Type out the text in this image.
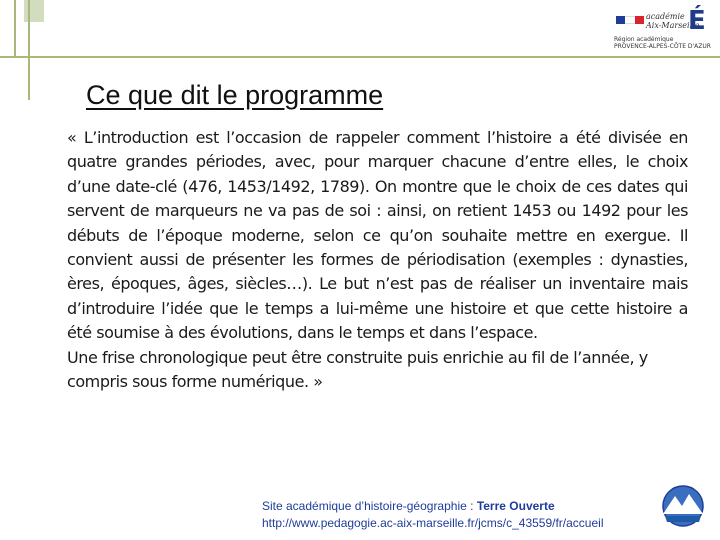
académie
Aix-Marseille
É
Région académique
PROVENCE-ALPES-CÔTE D'AZUR
Ce que dit le programme

« L’introduction est l’occasion de rappeler comment l’histoire a été divisée en quatre grandes périodes, avec, pour marquer chacune d’entre elles, le choix d’une date-clé (476, 1453/1492, 1789). On montre que le choix de ces dates qui servent de marqueurs ne va pas de soi : ainsi, on retient 1453 ou 1492 pour les débuts de l’époque moderne, selon ce qu’on souhaite mettre en exergue. Il convient aussi de présenter les formes de périodisation (exemples : dynasties, ères, époques, âges, siècles…). Le but n’est pas de réaliser un inventaire mais d’introduire l’idée que le temps a lui-même une histoire et que cette histoire a été soumise à des évolutions, dans le temps et dans l’espace.

Une frise chronologique peut être construite puis enrichie au fil de l’année, y compris sous forme numérique. »

Site académique d’histoire-géographie : Terre Ouverte
http://www.pedagogie.ac-aix-marseille.fr/jcms/c_43559/fr/accueil
